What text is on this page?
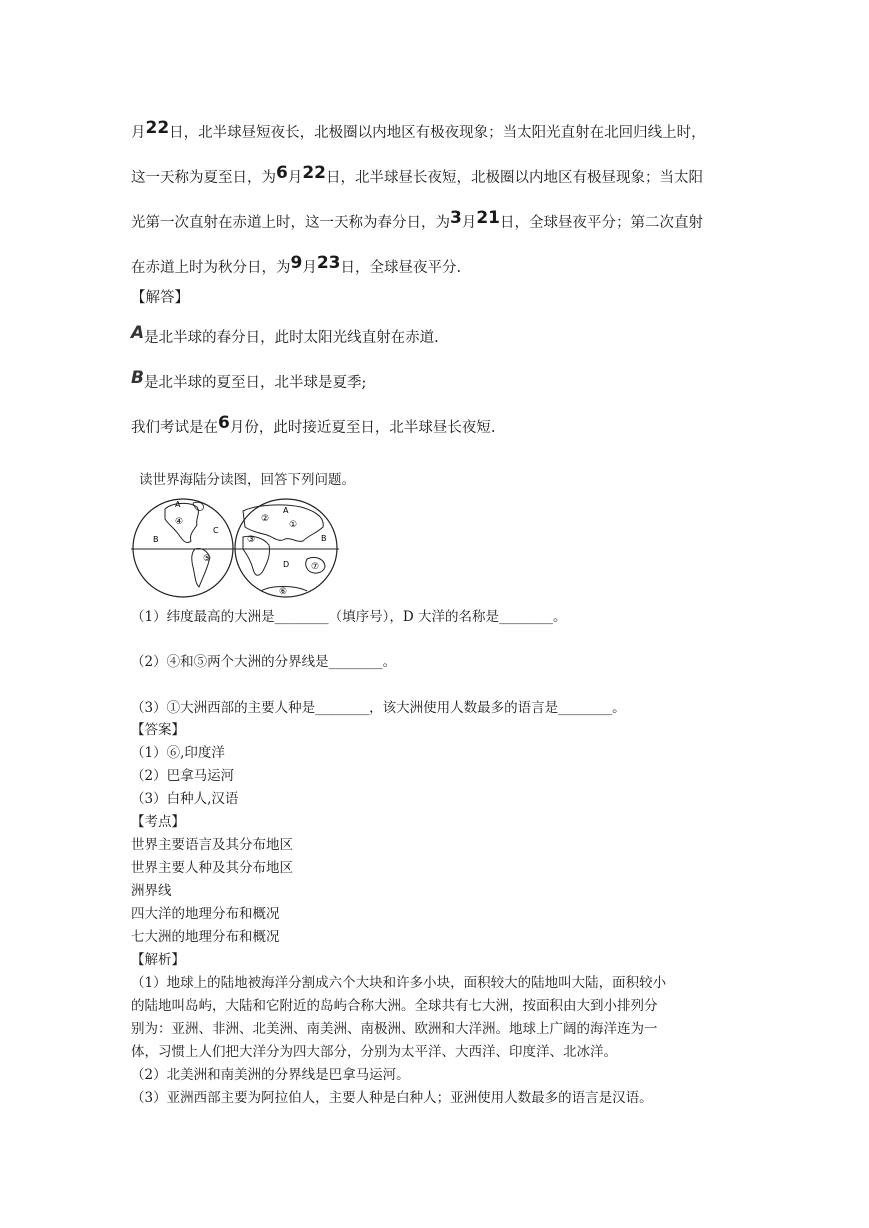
月22日，北半球昼短夜长，北极圈以内地区有极夜现象；当太阳光直射在北回归线上时，
这一天称为夏至日，为6月22日，北半球昼长夜短，北极圈以内地区有极昼现象；当太阳
光第一次直射在赤道上时，这一天称为春分日，为3月21日，全球昼夜平分；第二次直射
在赤道上时为秋分日，为9月23日，全球昼夜平分.
【解答】
A是北半球的春分日，此时太阳光线直射在赤道.
B是北半球的夏至日，北半球是夏季;
我们考试是在6月份，此时接近夏至日，北半球昼长夜短.
读世界海陆分读图，回答下列问题。
A
B
C
④
⑤
②
③
①
A
B
D ⑦
⑥
（1）纬度最高的大洲是________（填序号），D 大洋的名称是________。
（2）④和⑤两个大洲的分界线是________。
（3）①大洲西部的主要人种是________，该大洲使用人数最多的语言是________。
【答案】
（1）⑥,印度洋
（2）巴拿马运河
（3）白种人,汉语
【考点】
世界主要语言及其分布地区
世界主要人种及其分布地区
洲界线
四大洋的地理分布和概况
七大洲的地理分布和概况
【解析】
（1）地球上的陆地被海洋分割成六个大块和许多小块，面积较大的陆地叫大陆，面积较小
的陆地叫岛屿，大陆和它附近的岛屿合称大洲。全球共有七大洲，按面积由大到小排列分
别为：亚洲、非洲、北美洲、南美洲、南极洲、欧洲和大洋洲。地球上广阔的海洋连为一
体，习惯上人们把大洋分为四大部分，分别为太平洋、大西洋、印度洋、北冰洋。
（2）北美洲和南美洲的分界线是巴拿马运河。
（3）亚洲西部主要为阿拉伯人，主要人种是白种人；亚洲使用人数最多的语言是汉语。
